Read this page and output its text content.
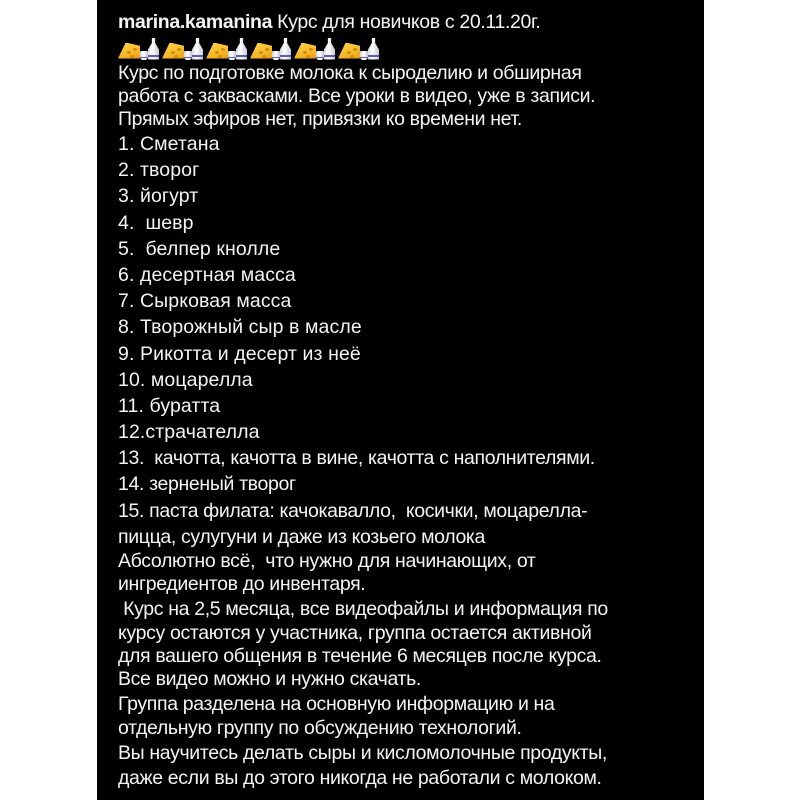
marina.kamanina Курс для новичков с 20.11.20г.
Курс по подготовке молока к сыроделию и обширная
работа с заквасками. Все уроки в видео, уже в записи.
Прямых эфиров нет, привязки ко времени нет.
1. Сметана
2. творог
3. йогурт
4.  шевр
5.  белпер кнолле
6. десертная масса
7. Сырковая масса
8. Творожный сыр в масле
9. Рикотта и десерт из неё
10. моцарелла
11. буратта
12.страчателла
13.  качотта, качотта в вине, качотта с наполнителями.
14. зерненый творог
15. паста филата: качокавалло,  косички, моцарелла-
пицца, сулугуни и даже из козьего молока
Абсолютно всё,  что нужно для начинающих, от
ингредиентов до инвентаря.
Курс на 2,5 месяца, все видеофайлы и информация по
курсу остаются у участника, группа остается активной
для вашего общения в течение 6 месяцев после курса.
Все видео можно и нужно скачать.
Группа разделена на основную информацию и на
отдельную группу по обсуждению технологий.
Вы научитесь делать сыры и кисломолочные продукты,
даже если вы до этого никогда не работали с молоком.
